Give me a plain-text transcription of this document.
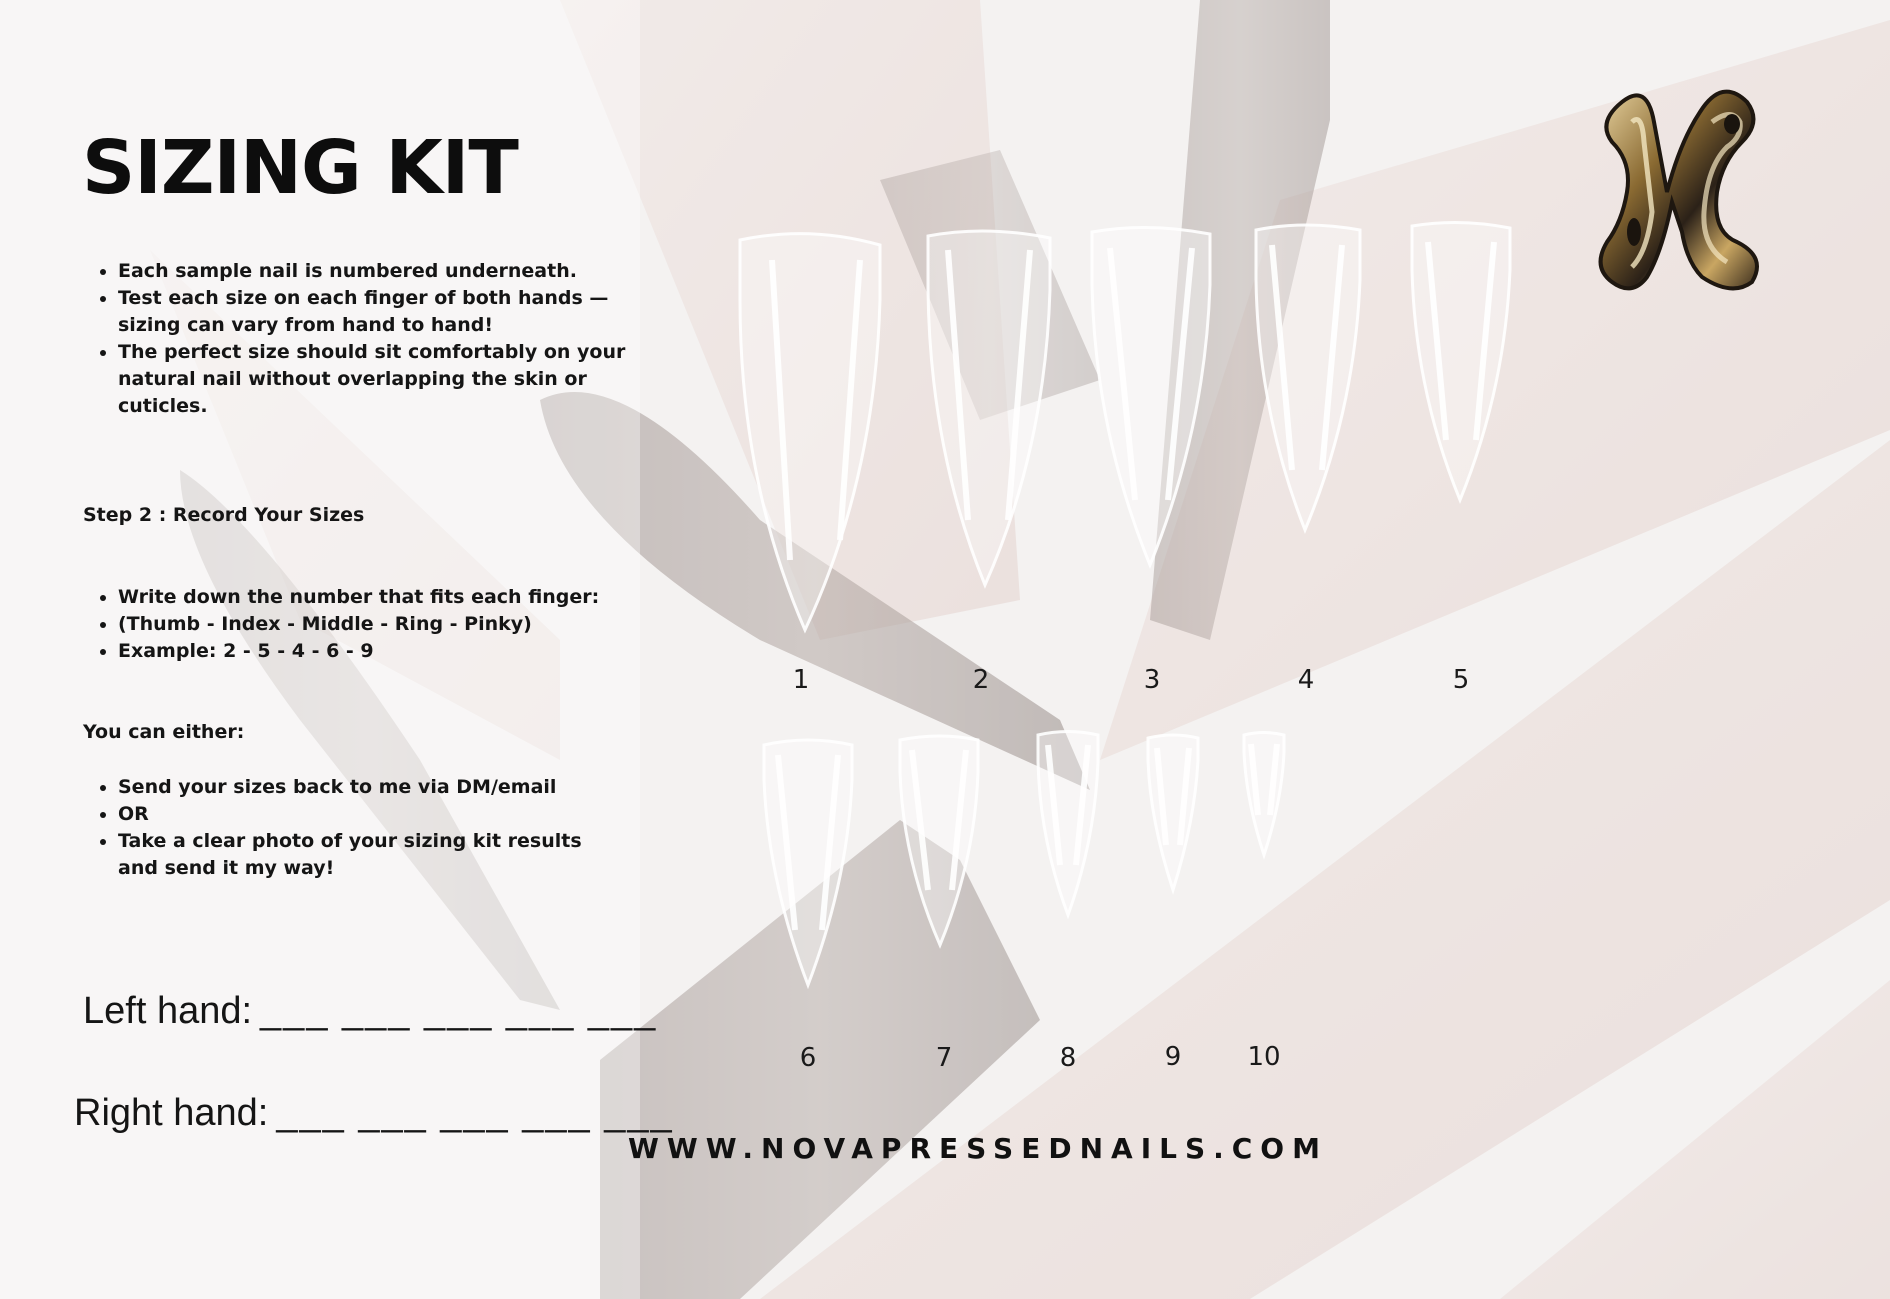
SIZING KIT
• Each sample nail is numbered underneath.
• Test each size on each finger of both hands — sizing can vary from hand to hand!
• The perfect size should sit comfortably on your natural nail without overlapping the skin or cuticles.
Step 2 : Record Your Sizes
• Write down the number that fits each finger:
• (Thumb - Index - Middle - Ring - Pinky)
• Example: 2 - 5 - 4 - 6 - 9
You can either:
• Send your sizes back to me via DM/email
• OR
• Take a clear photo of your sizing kit results and send it my way!
Left hand: ___ ___ ___ ___ ___
Right hand: ___ ___ ___ ___ ___
1	2	3	4	5
6	7	8	9	10
WWW.NOVAPRESSEDNAILS.COM
